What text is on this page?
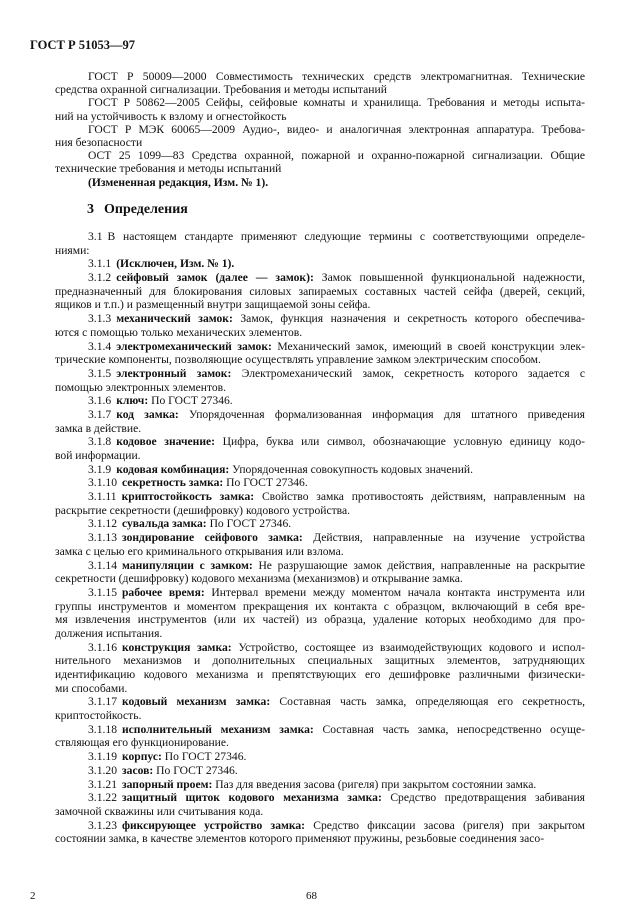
ГОСТ Р 51053—97
ГОСТ Р 50009—2000 Совместимость технических средств электромагнитная. Технические
средства охранной сигнализации. Требования и методы испытаний
ГОСТ Р 50862—2005 Сейфы, сейфовые комнаты и хранилища. Требования и методы испыта-
ний на устойчивость к взлому и огнестойкость
ГОСТ Р МЭК 60065—2009 Аудио-, видео- и аналогичная электронная аппаратура. Требова-
ния безопасности
ОСТ 25 1099—83 Средства охранной, пожарной и охранно-пожарной сигнализации. Общие
технические требования и методы испытаний
(Измененная редакция, Изм. № 1).
3 Определения
3.1 В настоящем стандарте применяют следующие термины с соответствующими определе-
ниями:
3.1.1 (Исключен, Изм. № 1).
3.1.2 сейфовый замок (далее — замок): Замок повышенной функциональной надежности,
предназначенный для блокирования силовых запираемых составных частей сейфа (дверей, секций,
ящиков и т.п.) и размещенный внутри защищаемой зоны сейфа.
3.1.3 механический замок: Замок, функция назначения и секретность которого обеспечива-
ются с помощью только механических элементов.
3.1.4 электромеханический замок: Механический замок, имеющий в своей конструкции элек-
трические компоненты, позволяющие осуществлять управление замком электрическим способом.
3.1.5 электронный замок: Электромеханический замок, секретность которого задается с
помощью электронных элементов.
3.1.6 ключ: По ГОСТ 27346.
3.1.7 код замка: Упорядоченная формализованная информация для штатного приведения
замка в действие.
3.1.8 кодовое значение: Цифра, буква или символ, обозначающие условную единицу кодо-
вой информации.
3.1.9 кодовая комбинация: Упорядоченная совокупность кодовых значений.
3.1.10 секретность замка: По ГОСТ 27346.
3.1.11 криптостойкость замка: Свойство замка противостоять действиям, направленным на
раскрытие секретности (дешифровку) кодового устройства.
3.1.12 сувальда замка: По ГОСТ 27346.
3.1.13 зондирование сейфового замка: Действия, направленные на изучение устройства
замка с целью его криминального открывания или взлома.
3.1.14 манипуляции с замком: Не разрушающие замок действия, направленные на раскрытие
секретности (дешифровку) кодового механизма (механизмов) и открывание замка.
3.1.15 рабочее время: Интервал времени между моментом начала контакта инструмента или
группы инструментов и моментом прекращения их контакта с образцом, включающий в себя вре-
мя извлечения инструментов (или их частей) из образца, удаление которых необходимо для про-
должения испытания.
3.1.16 конструкция замка: Устройство, состоящее из взаимодействующих кодового и испол-
нительного механизмов и дополнительных специальных защитных элементов, затрудняющих
идентификацию кодового механизма и препятствующих его дешифровке различными физически-
ми способами.
3.1.17 кодовый механизм замка: Составная часть замка, определяющая его секретность,
криптостойкость.
3.1.18 исполнительный механизм замка: Составная часть замка, непосредственно осуще-
ствляющая его функционирование.
3.1.19 корпус: По ГОСТ 27346.
3.1.20 засов: По ГОСТ 27346.
3.1.21 запорный проем: Паз для введения засова (ригеля) при закрытом состоянии замка.
3.1.22 защитный щиток кодового механизма замка: Средство предотвращения забивания
замочной скважины или считывания кода.
3.1.23 фиксирующее устройство замка: Средство фиксации засова (ригеля) при закрытом
состоянии замка, в качестве элементов которого применяют пружины, резьбовые соединения засо-
2	68
